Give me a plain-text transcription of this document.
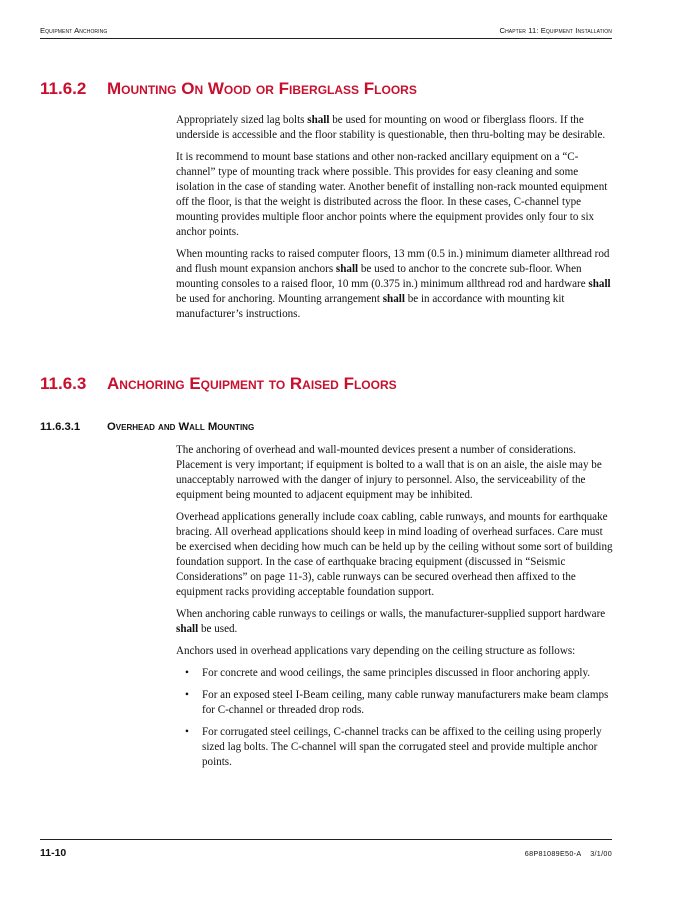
Equipment Anchoring	Chapter 11: Equipment Installation
11.6.2 Mounting On Wood or Fiberglass Floors

Appropriately sized lag bolts shall be used for mounting on wood or fiberglass floors. If the underside is accessible and the floor stability is questionable, then thru-bolting may be desirable.

It is recommend to mount base stations and other non-racked ancillary equipment on a “C-channel” type of mounting track where possible. This provides for easy cleaning and some isolation in the case of standing water. Another benefit of installing non-rack mounted equipment off the floor, is that the weight is distributed across the floor. In these cases, C-channel type mounting provides multiple floor anchor points where the equipment provides only four to six anchor points.

When mounting racks to raised computer floors, 13 mm (0.5 in.) minimum diameter allthread rod and flush mount expansion anchors shall be used to anchor to the concrete sub-floor. When mounting consoles to a raised floor, 10 mm (0.375 in.) minimum allthread rod and hardware shall be used for anchoring. Mounting arrangement shall be in accordance with mounting kit manufacturer’s instructions.

11.6.3 Anchoring Equipment to Raised Floors
11.6.3.1 Overhead and Wall Mounting

The anchoring of overhead and wall-mounted devices present a number of considerations. Placement is very important; if equipment is bolted to a wall that is on an aisle, the aisle may be unacceptably narrowed with the danger of injury to personnel. Also, the serviceability of the equipment being mounted to adjacent equipment may be inhibited.

Overhead applications generally include coax cabling, cable runways, and mounts for earthquake bracing. All overhead applications should keep in mind loading of overhead surfaces. Care must be exercised when deciding how much can be held up by the ceiling without some sort of building foundation support. In the case of earthquake bracing equipment (discussed in “Seismic Considerations” on page 11-3), cable runways can be secured overhead then affixed to the equipment racks providing acceptable foundation support.

When anchoring cable runways to ceilings or walls, the manufacturer-supplied support hardware shall be used.

Anchors used in overhead applications vary depending on the ceiling structure as follows:

• For concrete and wood ceilings, the same principles discussed in floor anchoring apply.
• For an exposed steel I-Beam ceiling, many cable runway manufacturers make beam clamps for C-channel or threaded drop rods.
• For corrugated steel ceilings, C-channel tracks can be affixed to the ceiling using properly sized lag bolts. The C-channel will span the corrugated steel and provide multiple anchor points.
11-10	68P81089E50-A    3/1/00
